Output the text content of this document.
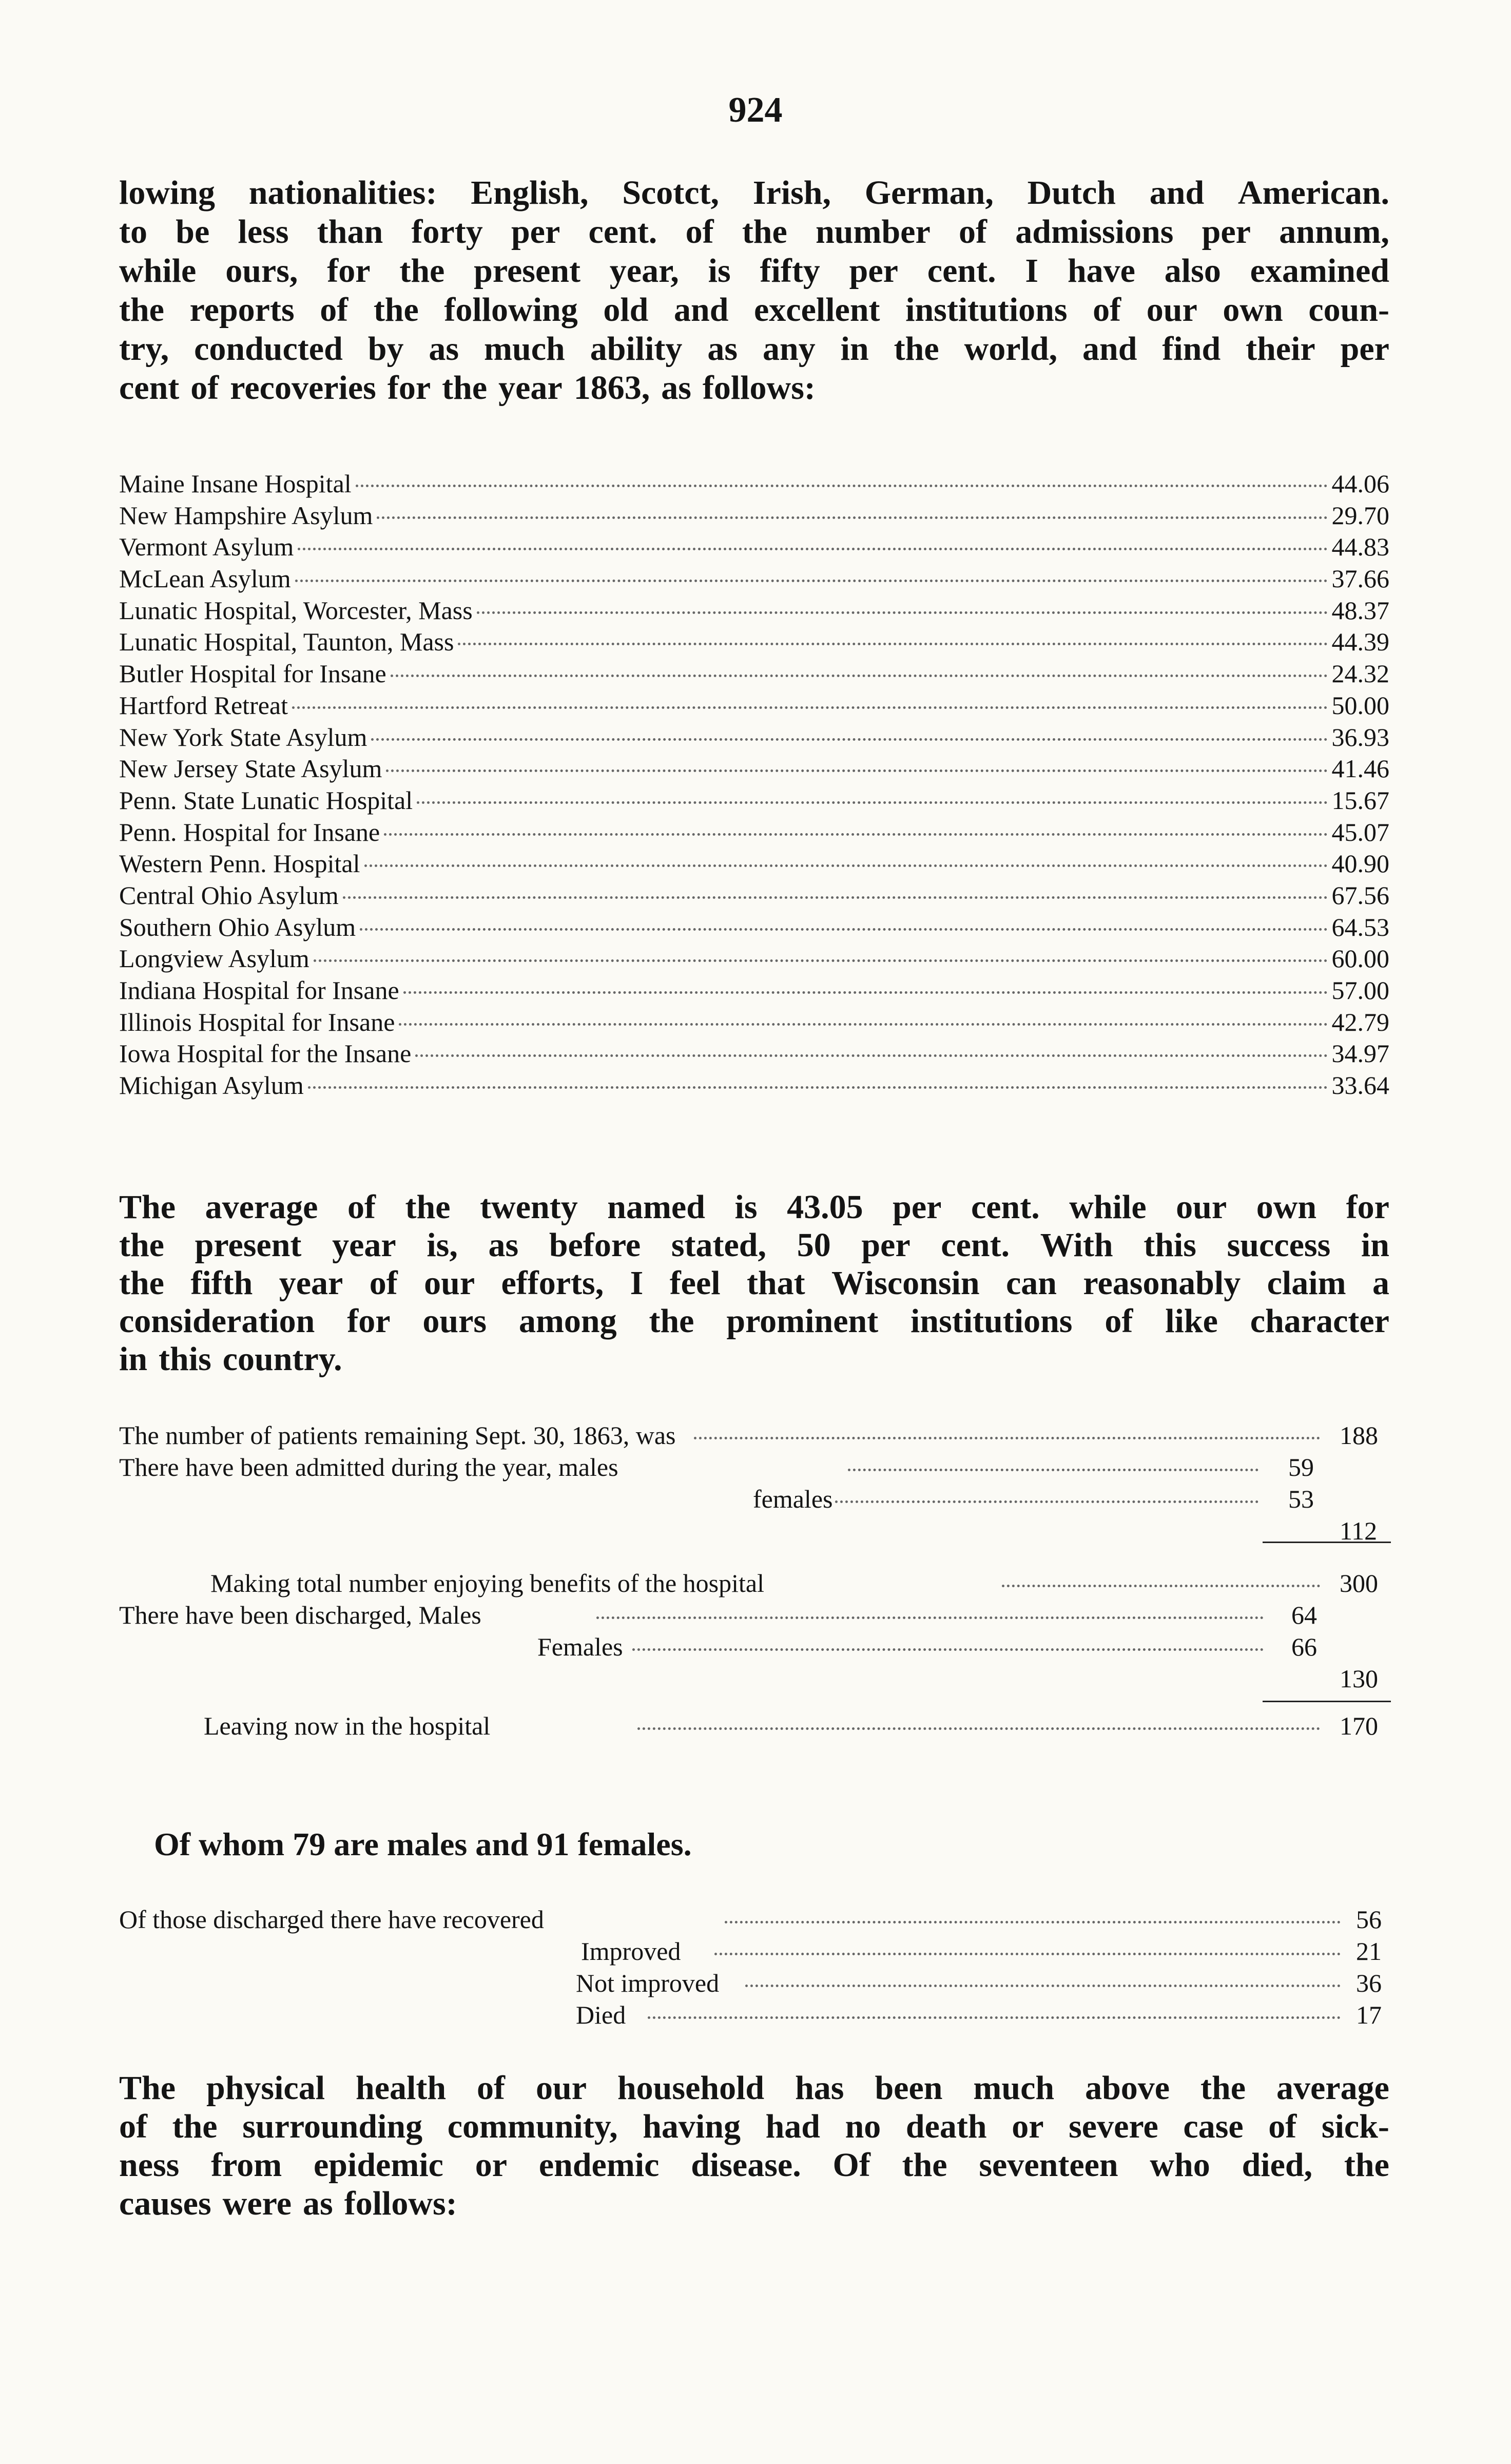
924
lowing nationalities: English, Scotct, Irish, German, Dutch and American.
to be less than forty per cent. of the number of admissions per annum,
while ours, for the present year, is fifty per cent. I have also examined
the reports of the following old and excellent institutions of our own coun-
try, conducted by as much ability as any in the world, and find their per
cent of recoveries for the year 1863, as follows:
Maine Insane Hospital	44.06
New Hampshire Asylum	29.70
Vermont Asylum	44.83
McLean Asylum	37.66
Lunatic Hospital, Worcester, Mass	48.37
Lunatic Hospital, Taunton, Mass	44.39
Butler Hospital for Insane	24.32
Hartford Retreat	50.00
New York State Asylum	36.93
New Jersey State Asylum	41.46
Penn. State Lunatic Hospital	15.67
Penn. Hospital for Insane	45.07
Western Penn. Hospital	40.90
Central Ohio Asylum	67.56
Southern Ohio Asylum	64.53
Longview Asylum	60.00
Indiana Hospital for Insane	57.00
Illinois Hospital for Insane	42.79
Iowa Hospital for the Insane	34.97
Michigan Asylum	33.64
The average of the twenty named is 43.05 per cent. while our own for
the present year is, as before stated, 50 per cent. With this success in
the fifth year of our efforts, I feel that Wisconsin can reasonably claim a
consideration for ours among the prominent institutions of like character
in this country.
The number of patients remaining Sept. 30, 1863, was	188
There have been admitted during the year, males	59
females	53
112
Making total number enjoying benefits of the hospital	300
There have been discharged, Males	64
Females	66
130
Leaving now in the hospital	170
Of whom 79 are males and 91 females.
Of those discharged there have recovered	56
Improved	21
Not improved	36
Died	17
The physical health of our household has been much above the average
of the surrounding community, having had no death or severe case of sick-
ness from epidemic or endemic disease. Of the seventeen who died, the
causes were as follows:
